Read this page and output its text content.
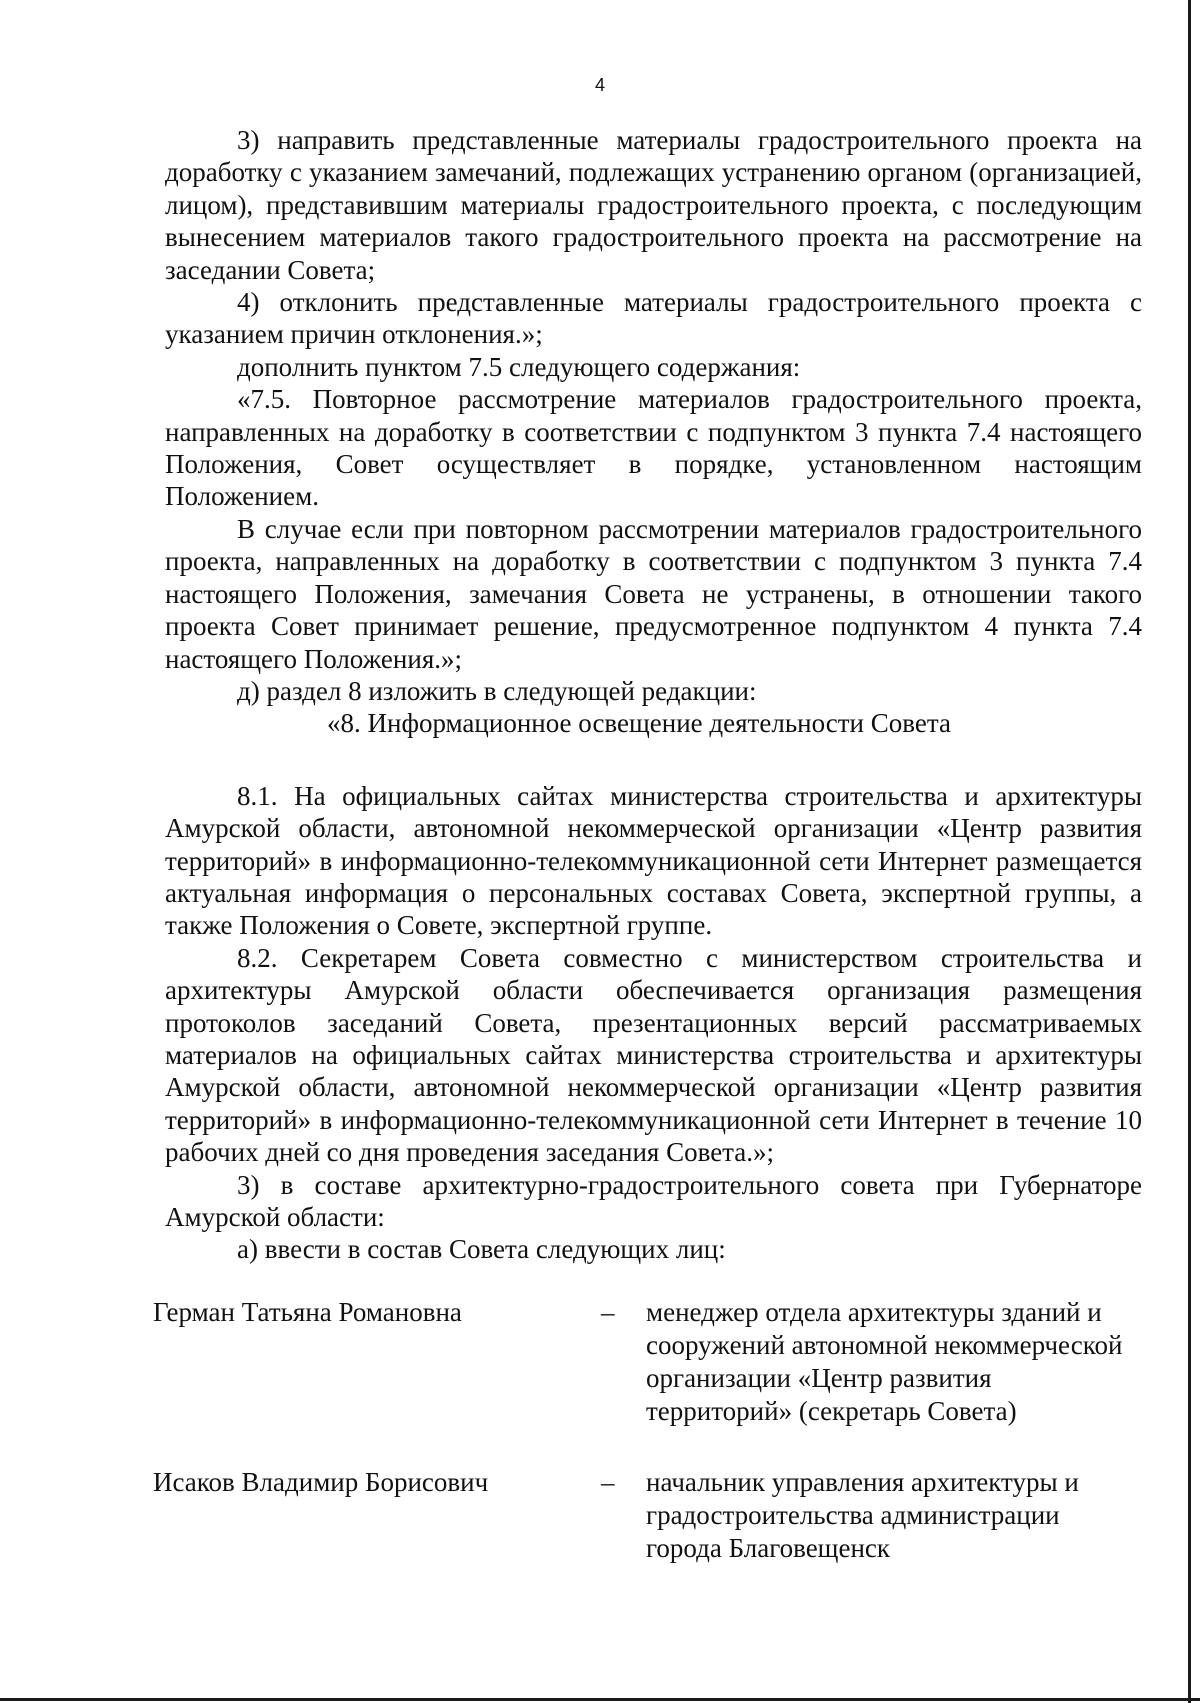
4

3) направить представленные материалы градостроительного проекта на доработку с указанием замечаний, подлежащих устранению органом (организацией, лицом), представившим материалы градостроительного проекта, с последующим вынесением материалов такого градостроительного проекта на рассмотрение на заседании Совета;

4) отклонить представленные материалы градостроительного проекта с указанием причин отклонения.»;

дополнить пунктом 7.5 следующего содержания:

«7.5. Повторное рассмотрение материалов градостроительного проекта, направленных на доработку в соответствии с подпунктом 3 пункта 7.4 настоящего Положения, Совет осуществляет в порядке, установленном настоящим Положением.

В случае если при повторном рассмотрении материалов градостроительного проекта, направленных на доработку в соответствии с подпунктом 3 пункта 7.4 настоящего Положения, замечания Совета не устранены, в отношении такого проекта Совет принимает решение, предусмотренное подпунктом 4 пункта 7.4 настоящего Положения.»;

д) раздел 8 изложить в следующей редакции:

«8. Информационное освещение деятельности Совета

8.1. На официальных сайтах министерства строительства и архитектуры Амурской области, автономной некоммерческой организации «Центр развития территорий» в информационно-телекоммуникационной сети Интернет размещается актуальная информация о персональных составах Совета, экспертной группы, а также Положения о Совете, экспертной группе.

8.2. Секретарем Совета совместно с министерством строительства и архитектуры Амурской области обеспечивается организация размещения протоколов заседаний Совета, презентационных версий рассматриваемых материалов на официальных сайтах министерства строительства и архитектуры Амурской области, автономной некоммерческой организации «Центр развития территорий» в информационно-телекоммуникационной сети Интернет в течение 10 рабочих дней со дня проведения заседания Совета.»;

3) в составе архитектурно-градостроительного совета при Губернаторе Амурской области:

а) ввести в состав Совета следующих лиц:

Герман Татьяна Романовна	–	менеджер отдела архитектуры зданий и сооружений автономной некоммерческой организации «Центр развития территорий» (секретарь Совета)
Исаков Владимир Борисович	–	начальник управления архитектуры и градостроительства администрации города Благовещенск
